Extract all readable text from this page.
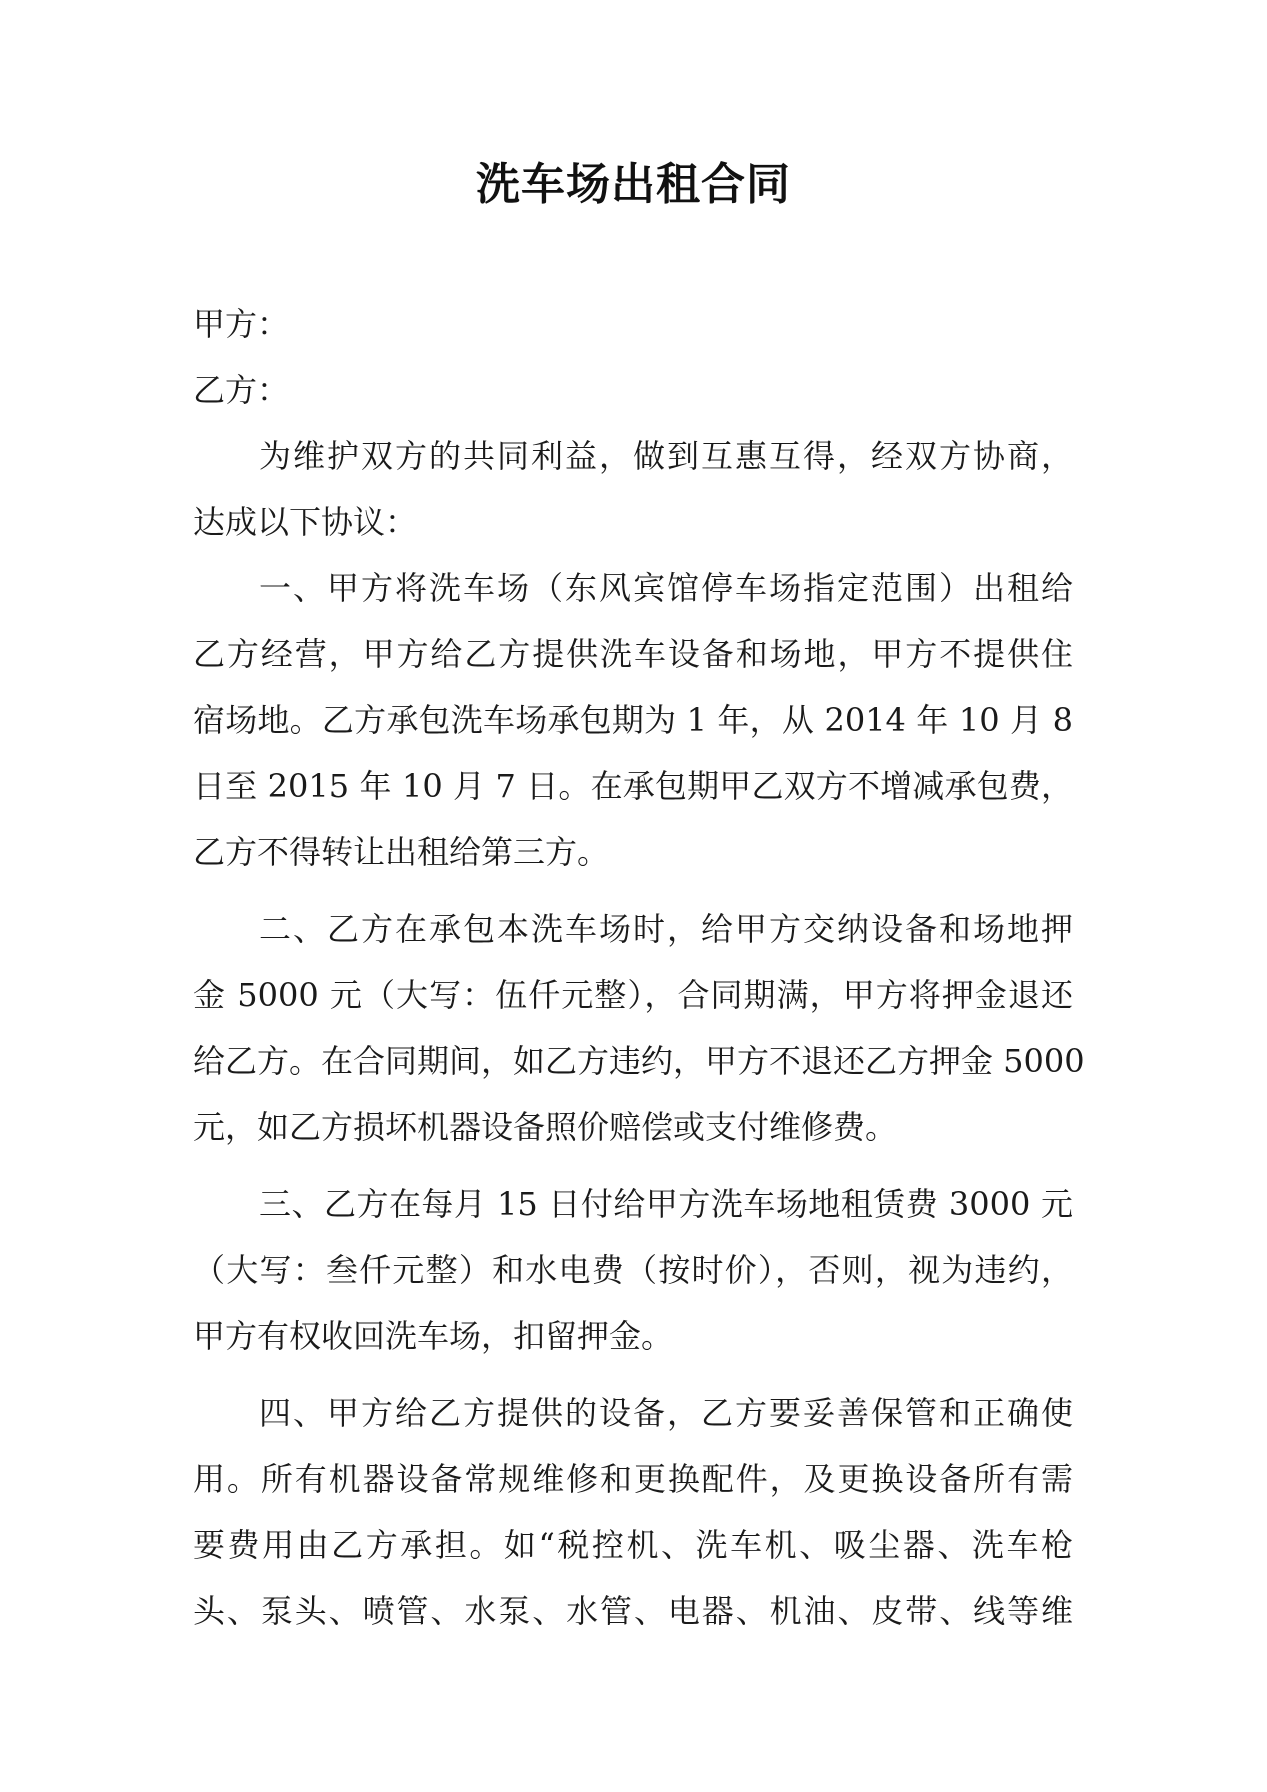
洗车场出租合同
甲方：
乙方：
为维护双方的共同利益，做到互惠互得，经双方协商，
达成以下协议：
一、甲方将洗车场（东风宾馆停车场指定范围）出租给
乙方经营，甲方给乙方提供洗车设备和场地，甲方不提供住
宿场地。乙方承包洗车场承包期为 1 年，从 2014 年 10 月 8
日至 2015 年 10 月 7 日。在承包期甲乙双方不增减承包费，
乙方不得转让出租给第三方。
二、乙方在承包本洗车场时，给甲方交纳设备和场地押
金 5000 元（大写：伍仟元整），合同期满，甲方将押金退还
给乙方。在合同期间，如乙方违约，甲方不退还乙方押金 5000
元，如乙方损坏机器设备照价赔偿或支付维修费。
三、乙方在每月 15 日付给甲方洗车场地租赁费 3000 元
（大写：叁仟元整）和水电费（按时价），否则，视为违约，
甲方有权收回洗车场，扣留押金。
四、甲方给乙方提供的设备，乙方要妥善保管和正确使
用。所有机器设备常规维修和更换配件，及更换设备所有需
要费用由乙方承担。如“税控机、洗车机、吸尘器、洗车枪
头、泵头、喷管、水泵、水管、电器、机油、皮带、线等维
